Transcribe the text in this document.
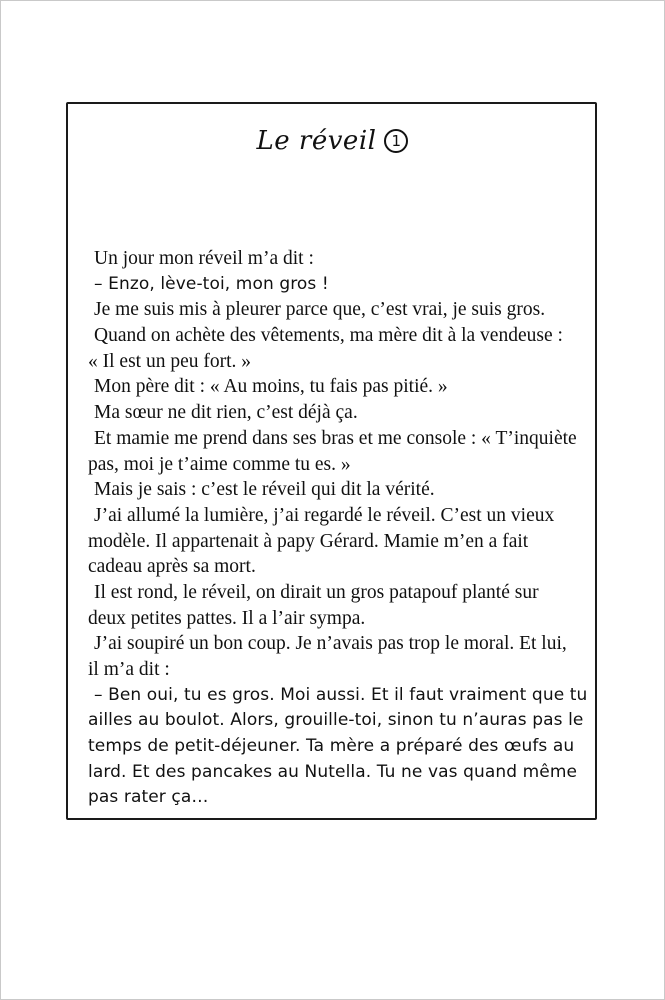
Le réveil 1
Un jour mon réveil m’a dit :
– Enzo, lève-toi, mon gros !
Je me suis mis à pleurer parce que, c’est vrai, je suis gros.
Quand on achète des vêtements, ma mère dit à la vendeuse :
« Il est un peu fort. »
Mon père dit : « Au moins, tu fais pas pitié. »
Ma sœur ne dit rien, c’est déjà ça.
Et mamie me prend dans ses bras et me console : « T’inquiète
pas, moi je t’aime comme tu es. »
Mais je sais : c’est le réveil qui dit la vérité.
J’ai allumé la lumière, j’ai regardé le réveil. C’est un vieux
modèle. Il appartenait à papy Gérard. Mamie m’en a fait
cadeau après sa mort.
Il est rond, le réveil, on dirait un gros patapouf planté sur
deux petites pattes. Il a l’air sympa.
J’ai soupiré un bon coup. Je n’avais pas trop le moral. Et lui,
il m’a dit :
– Ben oui, tu es gros. Moi aussi. Et il faut vraiment que tu
ailles au boulot. Alors, grouille-toi, sinon tu n’auras pas le
temps de petit-déjeuner. Ta mère a préparé des œufs au
lard. Et des pancakes au Nutella. Tu ne vas quand même
pas rater ça…
